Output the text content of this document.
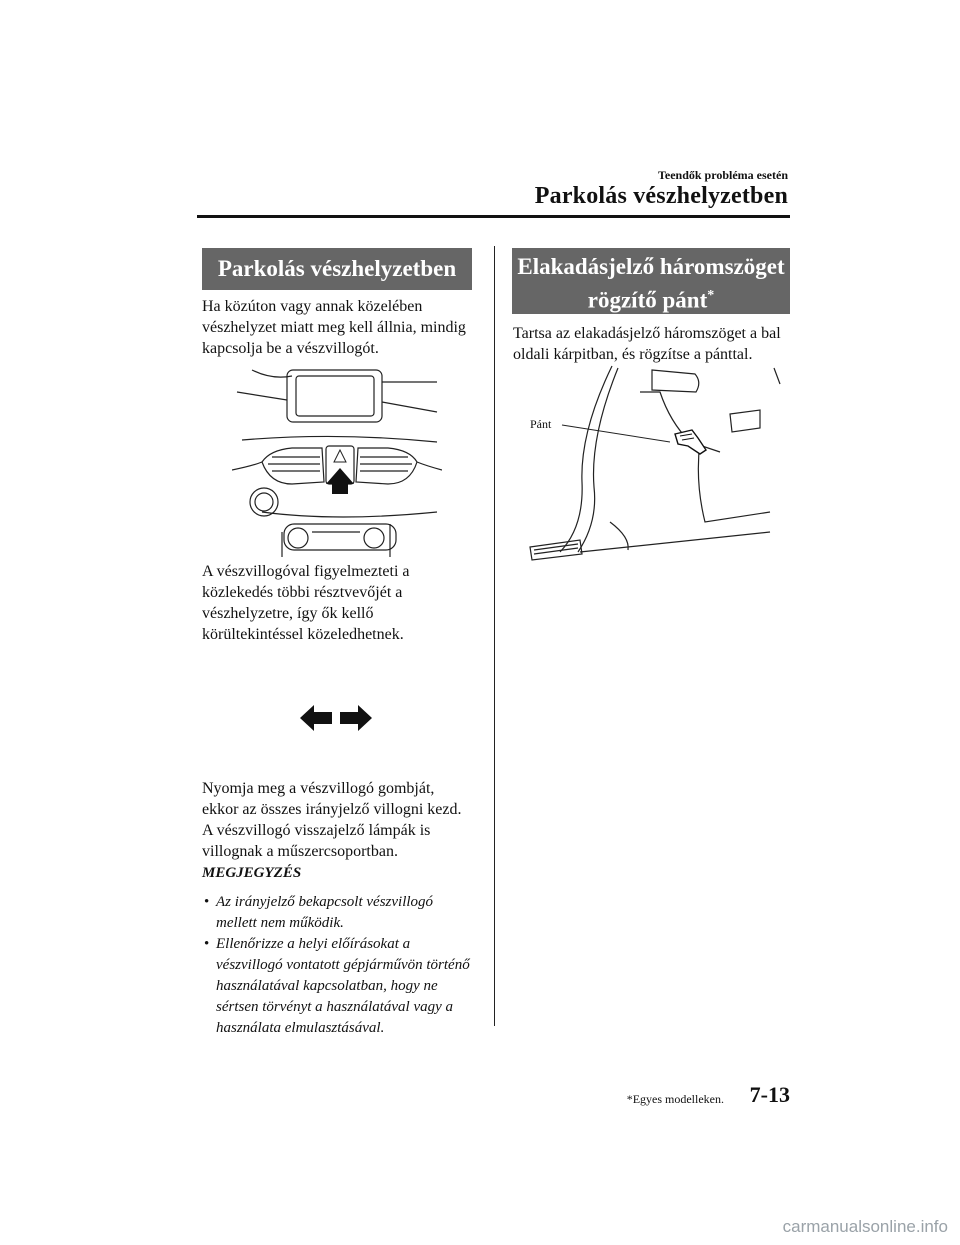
Teendők probléma esetén
Parkolás vészhelyzetben
Parkolás vészhelyzetben
Ha közúton vagy annak közelében vészhelyzet miatt meg kell állnia, mindig kapcsolja be a vészvillogót.
A vészvillogóval figyelmezteti a közlekedés többi résztvevőjét a vészhelyzetre, így ők kellő körültekintéssel közeledhetnek.
Nyomja meg a vészvillogó gombját, ekkor az összes irányjelző villogni kezd. A vészvillogó visszajelző lámpák is villognak a műszercsoportban.
MEGJEGYZÉS
• Az irányjelző bekapcsolt vészvillogó mellett nem működik.
• Ellenőrizze a helyi előírásokat a vészvillogó vontatott gépjárművön történő használatával kapcsolatban, hogy ne sértsen törvényt a használatával vagy a használata elmulasztásával.
Elakadásjelző háromszöget
rögzítő pánt*
Tartsa az elakadásjelző háromszöget a bal oldali kárpitban, és rögzítse a pánttal.
Pánt
*Egyes modelleken.	7-13
carmanualsonline.info
